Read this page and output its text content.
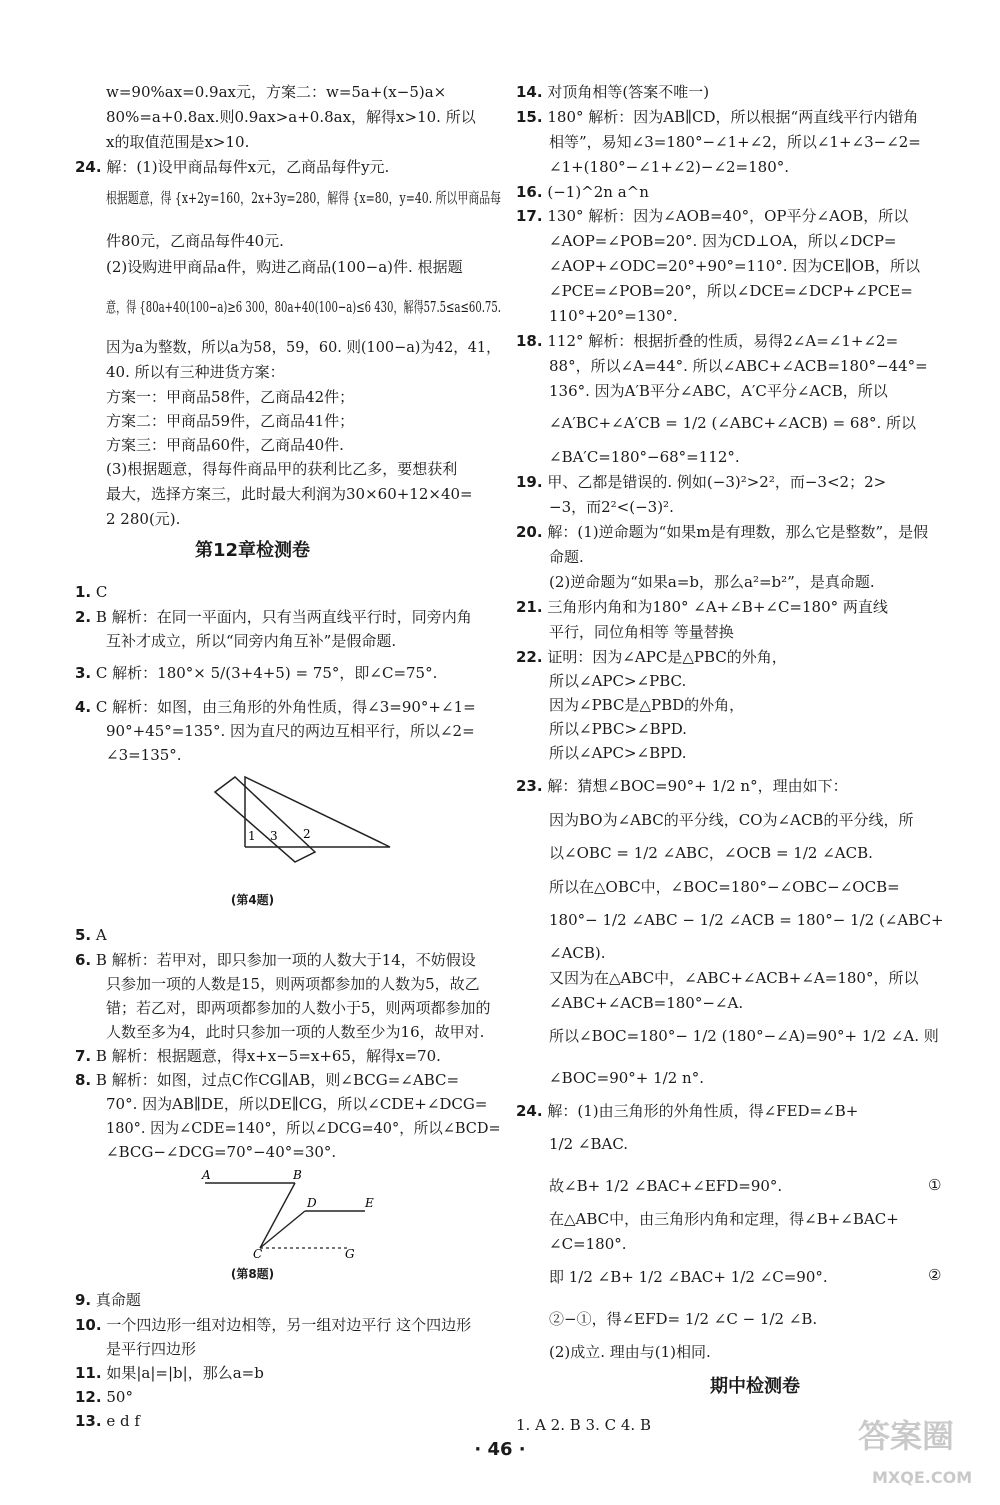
w=90%ax=0.9ax元，方案二：w=5a+(x−5)a×
80%=a+0.8ax.则0.9ax>a+0.8ax，解得x>10. 所以
x的取值范围是x>10.
24. 解：(1)设甲商品每件x元，乙商品每件y元.
根据题意，得 {x+2y=160，2x+3y=280，解得 {x=80，y=40. 所以甲商品每
件80元，乙商品每件40元.
(2)设购进甲商品a件，购进乙商品(100−a)件. 根据题
意，得 {80a+40(100−a)≥6 300，80a+40(100−a)≤6 430，解得57.5≤a≤60.75.
因为a为整数，所以a为58，59，60. 则(100−a)为42，41，
40. 所以有三种进货方案：
方案一：甲商品58件，乙商品42件；
方案二：甲商品59件，乙商品41件；
方案三：甲商品60件，乙商品40件.
(3)根据题意，得每件商品甲的获利比乙多，要想获利
最大，选择方案三，此时最大利润为30×60+12×40=
2 280(元).
1. C
2. B 解析：在同一平面内，只有当两直线平行时，同旁内角
互补才成立，所以“同旁内角互补”是假命题.
3. C 解析：180°× 5/(3+4+5) = 75°，即∠C=75°.
4. C 解析：如图，由三角形的外角性质，得∠3=90°+∠1=
90°+45°=135°. 因为直尺的两边互相平行，所以∠2=
∠3=135°.
5. A
6. B 解析：若甲对，即只参加一项的人数大于14，不妨假设
只参加一项的人数是15，则两项都参加的人数为5，故乙
错；若乙对，即两项都参加的人数小于5，则两项都参加的
人数至多为4，此时只参加一项的人数至少为16，故甲对.
7. B 解析：根据题意，得x+x−5=x+65，解得x=70.
8. B 解析：如图，过点C作CG∥AB，则∠BCG=∠ABC=
70°. 因为AB∥DE，所以DE∥CG，所以∠CDE+∠DCG=
180°. 因为∠CDE=140°，所以∠DCG=40°，所以∠BCD=
∠BCG−∠DCG=70°−40°=30°.
9. 真命题
10. 一个四边形一组对边相等，另一组对边平行 这个四边形
是平行四边形
11. 如果|a|=|b|，那么a=b
12. 50°
13. e d f
14. 对顶角相等(答案不唯一)
15. 180° 解析：因为AB∥CD，所以根据“两直线平行内错角
相等”，易知∠3=180°−∠1+∠2，所以∠1+∠3−∠2=
∠1+(180°−∠1+∠2)−∠2=180°.
16. (−1)^2n a^n
17. 130° 解析：因为∠AOB=40°，OP平分∠AOB，所以
∠AOP=∠POB=20°. 因为CD⊥OA，所以∠DCP=
∠AOP+∠ODC=20°+90°=110°. 因为CE∥OB，所以
∠PCE=∠POB=20°，所以∠DCE=∠DCP+∠PCE=
110°+20°=130°.
18. 112° 解析：根据折叠的性质，易得2∠A=∠1+∠2=
88°，所以∠A=44°. 所以∠ABC+∠ACB=180°−44°=
136°. 因为A′B平分∠ABC，A′C平分∠ACB，所以
∠A′BC+∠A′CB = 1/2 (∠ABC+∠ACB) = 68°. 所以
∠BA′C=180°−68°=112°.
19. 甲、乙都是错误的. 例如(−3)²>2²，而−3<2；2>
−3，而2²<(−3)².
20. 解：(1)逆命题为“如果m是有理数，那么它是整数”，是假
命题.
(2)逆命题为“如果a=b，那么a²=b²”，是真命题.
21. 三角形内角和为180° ∠A+∠B+∠C=180° 两直线
平行，同位角相等 等量替换
22. 证明：因为∠APC是△PBC的外角，
所以∠APC>∠PBC.
因为∠PBC是△PBD的外角，
所以∠PBC>∠BPD.
所以∠APC>∠BPD.
23. 解：猜想∠BOC=90°+ 1/2 n°，理由如下：
因为BO为∠ABC的平分线，CO为∠ACB的平分线，所
以∠OBC = 1/2 ∠ABC，∠OCB = 1/2 ∠ACB.
所以在△OBC中，∠BOC=180°−∠OBC−∠OCB=
180°− 1/2 ∠ABC − 1/2 ∠ACB = 180°− 1/2 (∠ABC+
∠ACB).
又因为在△ABC中，∠ABC+∠ACB+∠A=180°，所以
∠ABC+∠ACB=180°−∠A.
所以∠BOC=180°− 1/2 (180°−∠A)=90°+ 1/2 ∠A. 则
∠BOC=90°+ 1/2 n°.
24. 解：(1)由三角形的外角性质，得∠FED=∠B+
1/2 ∠BAC.
故∠B+ 1/2 ∠BAC+∠EFD=90°.
在△ABC中，由三角形内角和定理，得∠B+∠BAC+
∠C=180°.
即 1/2 ∠B+ 1/2 ∠BAC+ 1/2 ∠C=90°.
②−①，得∠EFD= 1/2 ∠C − 1/2 ∠B.
(2)成立. 理由与(1)相同.
1. A 2. B 3. C 4. B
第12章检测卷
期中检测卷
1 3 2
(第4题)
A	B
D	E
C	G
(第8题)
①
②
· 46 ·	答案圈
MXQE.COM
